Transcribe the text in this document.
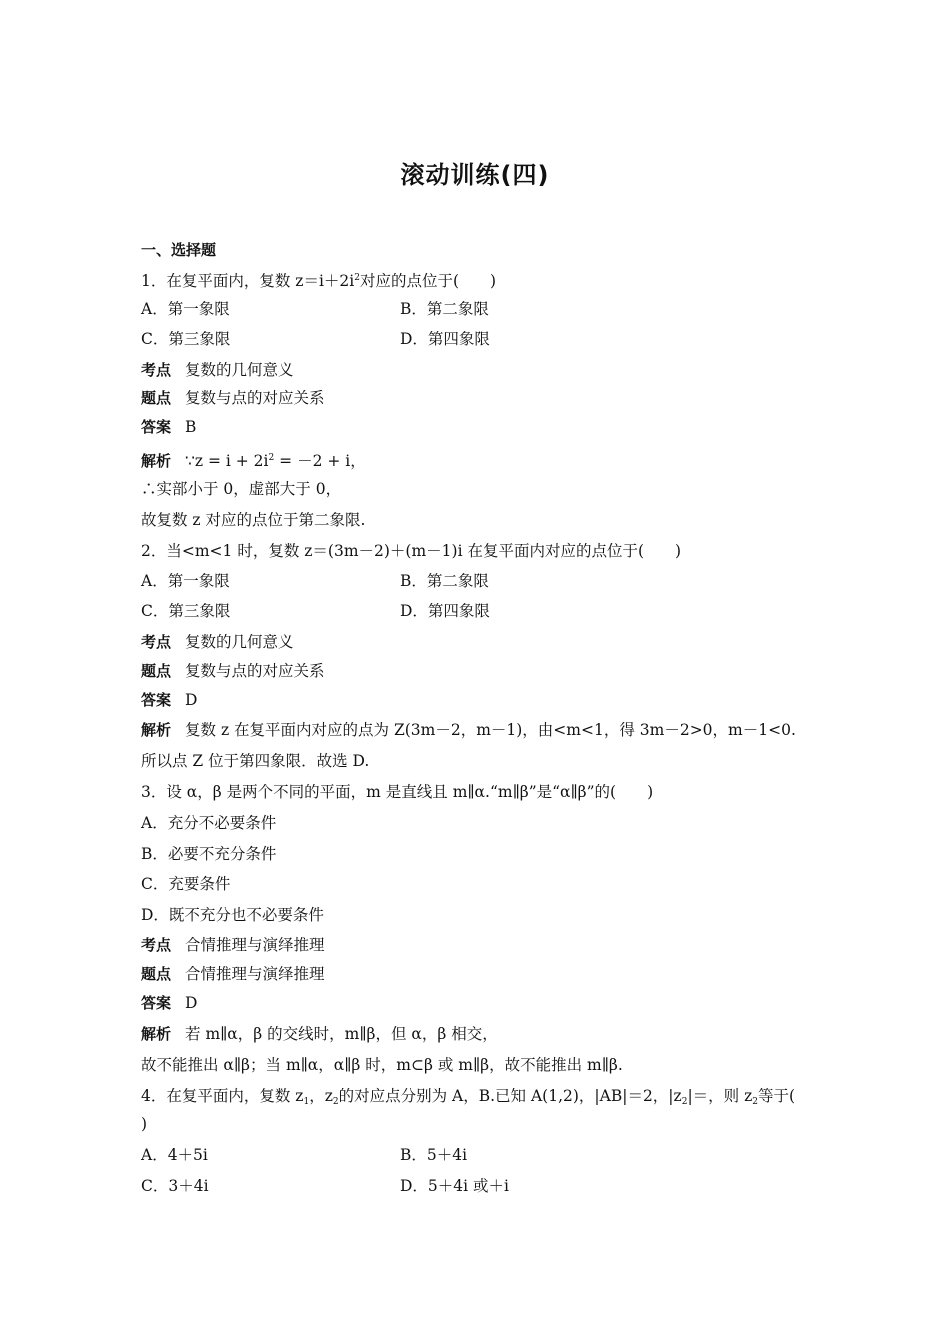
滚动训练(四)
一、选择题
1．在复平面内，复数 $z=i+2i^2$对应的点位于(　　)
A．第一象限	B．第二象限
C．第三象限	D．第四象限
考点 复数的几何意义
题点 复数与点的对应关系
答案 B
解析 ∵z = $i + 2i^2 = -2 + i$，
∴实部小于 0，虚部大于 0，
故复数 z 对应的点位于第二象限.
2．当<m<1 时，复数 z＝(3m－2)＋(m－1)i 在复平面内对应的点位于(　　)
A．第一象限	B．第二象限
C．第三象限	D．第四象限
考点 复数的几何意义
题点 复数与点的对应关系
答案 D
解析 复数 z 在复平面内对应的点为 Z(3m－2，m－1)，由<m<1，得 3m－2>0，m－1<0.
所以点 Z 位于第四象限．故选 D.
3．设 α，β 是两个不同的平面，m 是直线且 m∥α.“m∥β”是“α∥β”的(　　)
A．充分不必要条件
B．必要不充分条件
C．充要条件
D．既不充分也不必要条件
考点 合情推理与演绎推理
题点 合情推理与演绎推理
答案 D
解析 若 m∥α，β 的交线时，m∥β，但 α，β 相交，
故不能推出 α∥β；当 m∥α，α∥β 时，m⊂β 或 m∥β，故不能推出 m∥β.
4．在复平面内，复数 $z_1$，$z_2$的对应点分别为 A，B.已知 A(1,2)，|AB|＝2，$|z_2|=$，则 $z_2$等于(
)
A．4＋5i	B．5＋4i
C．3＋4i	D．5＋4i 或＋i
